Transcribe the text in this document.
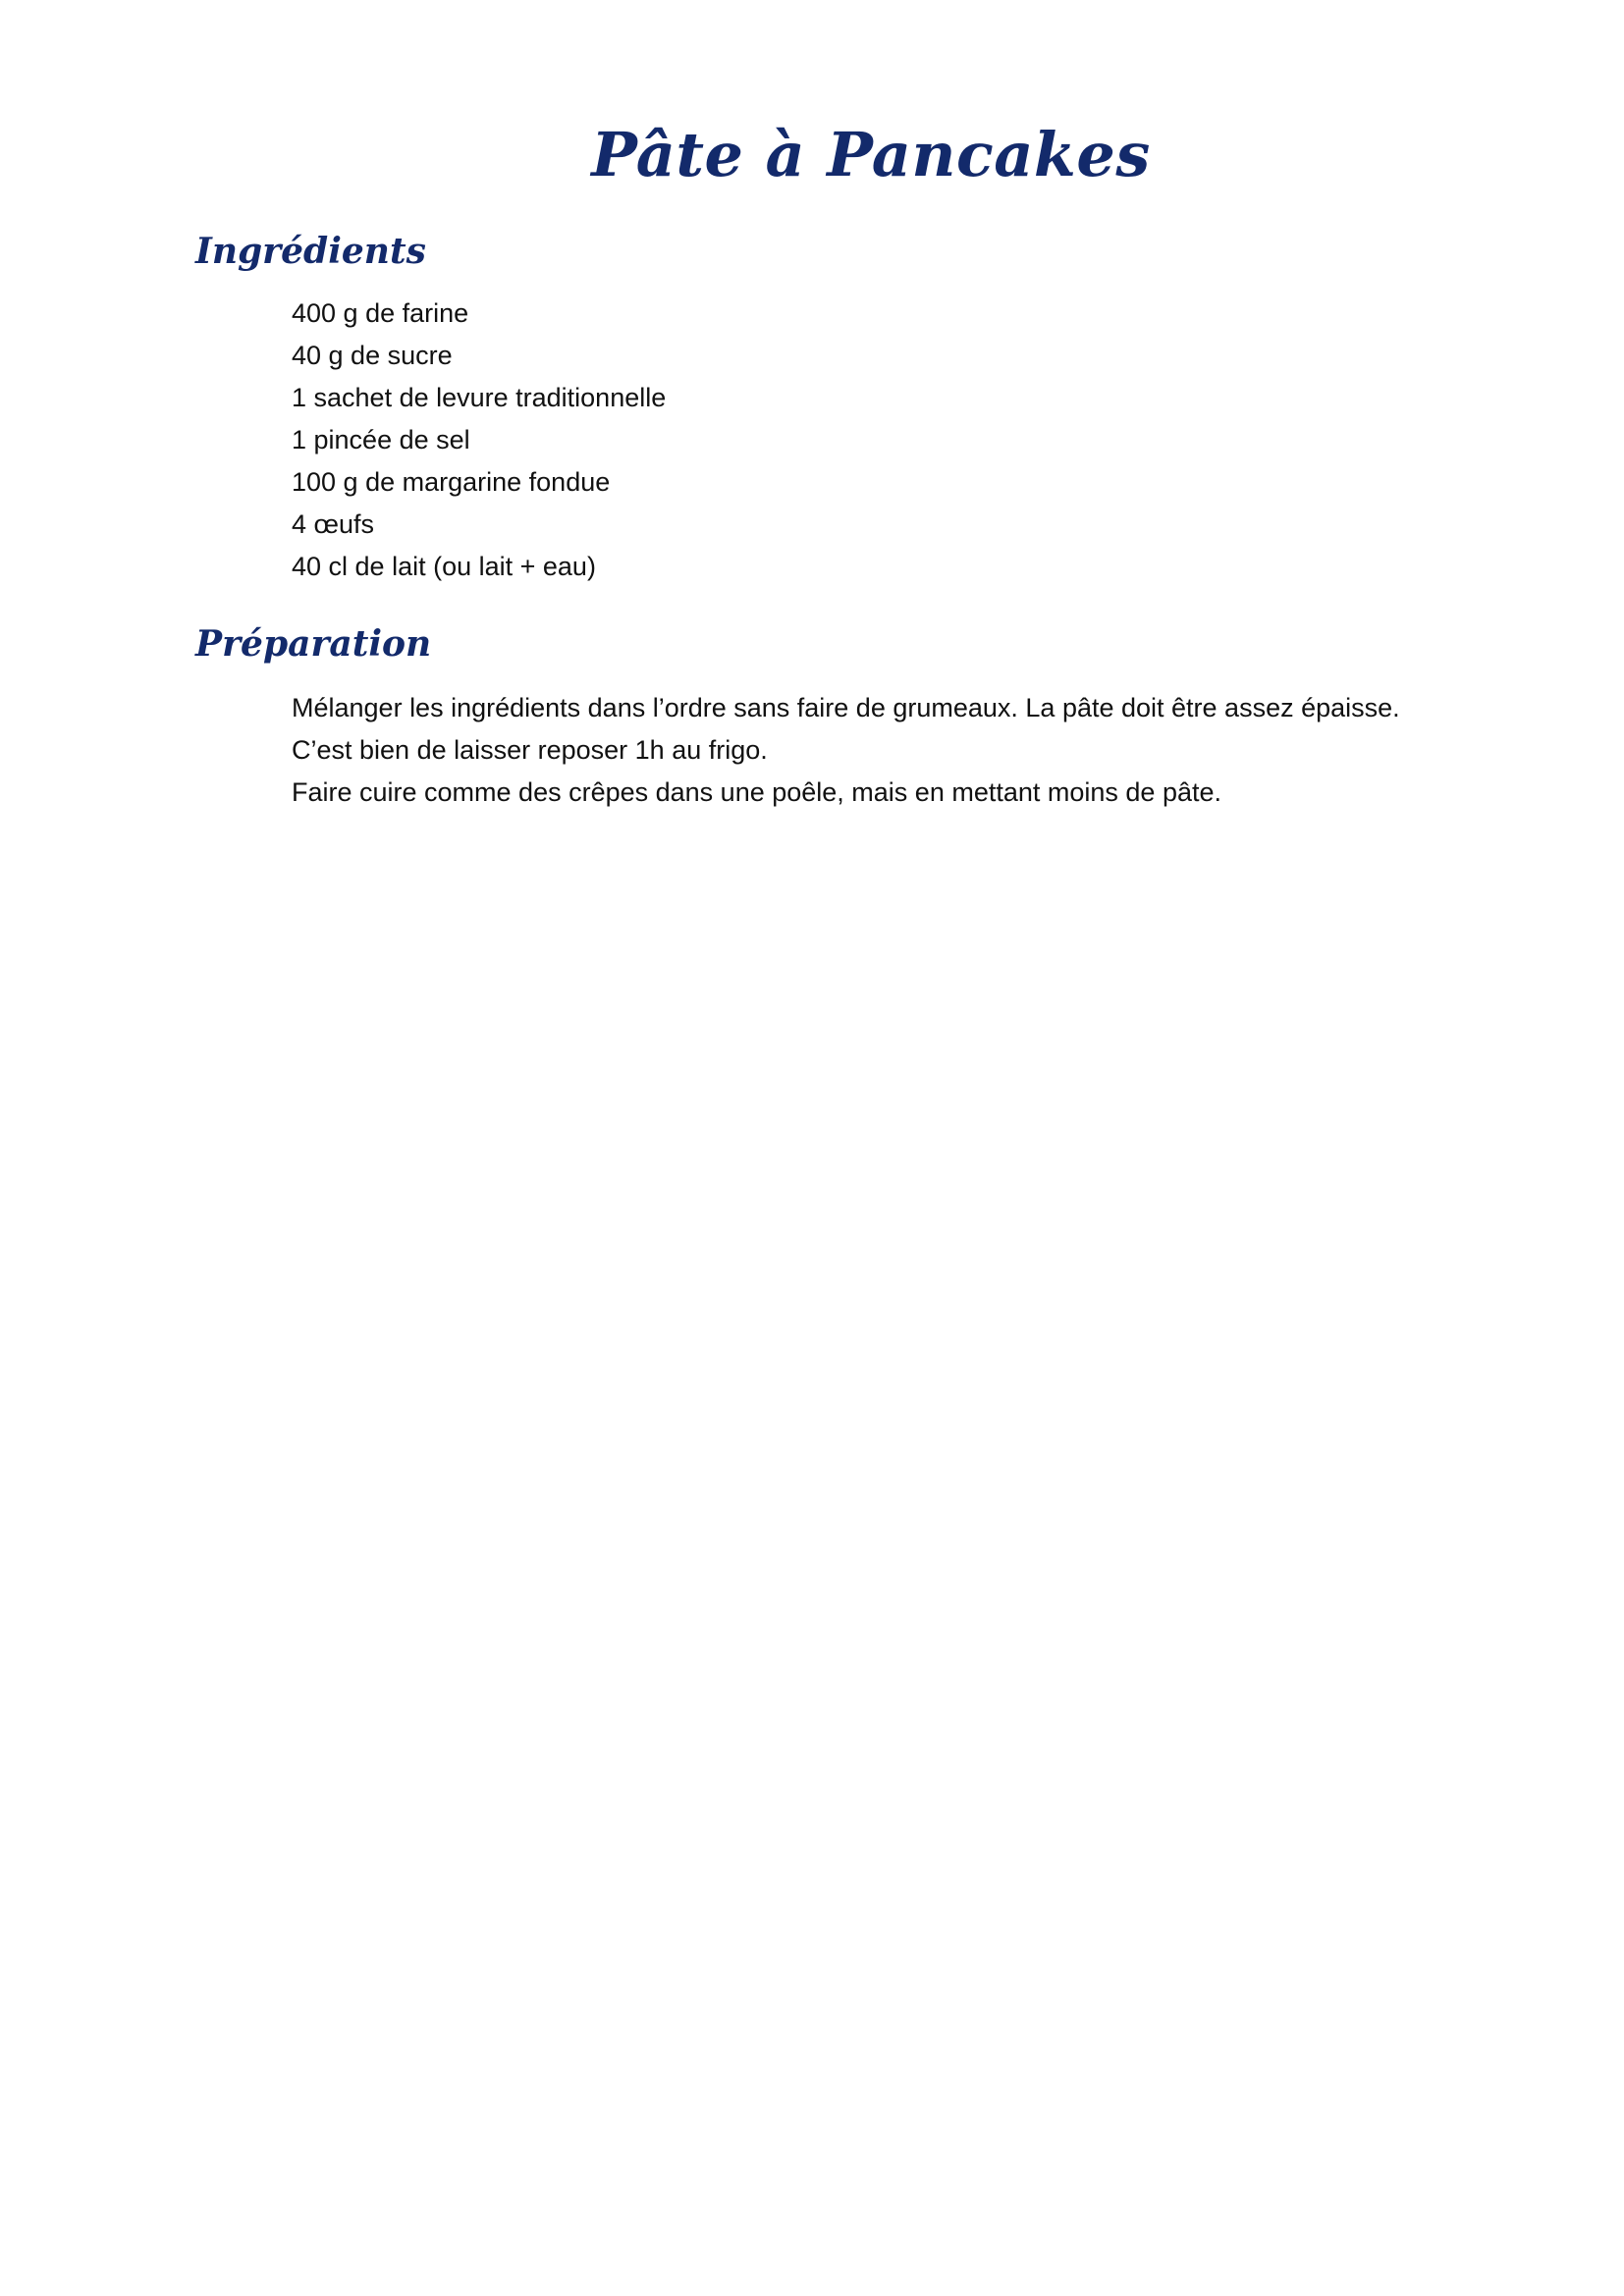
Pâte à Pancakes
Ingrédients
400 g de farine
40 g de sucre
1 sachet de levure traditionnelle
1 pincée de sel
100 g de margarine fondue
4 œufs
40 cl de lait (ou lait + eau)
Préparation
Mélanger les ingrédients dans l’ordre sans faire de grumeaux. La pâte doit être assez épaisse.
C’est bien de laisser reposer 1h au frigo.
Faire cuire comme des crêpes dans une poêle, mais en mettant moins de pâte.
